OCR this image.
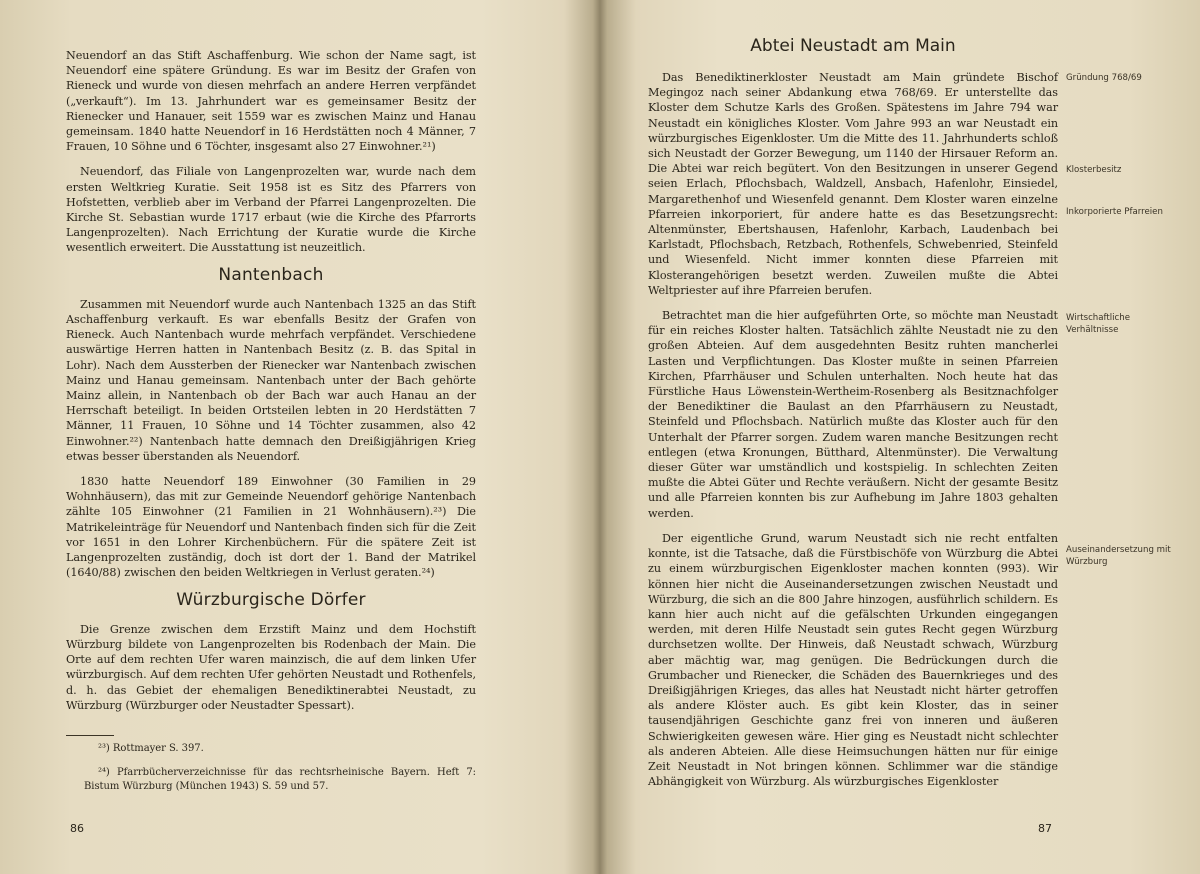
Neuendorf an das Stift Aschaffenburg. Wie schon der Name sagt, ist Neuendorf eine spätere Gründung. Es war im Besitz der Grafen von Rieneck und wurde von diesen mehrfach an andere Herren verpfändet („verkauft“). Im 13. Jahrhundert war es gemeinsamer Besitz der Rienecker und Hanauer, seit 1559 war es zwischen Mainz und Hanau gemeinsam. 1840 hatte Neuendorf in 16 Herdstätten noch 4 Männer, 7 Frauen, 10 Söhne und 6 Töchter, insgesamt also 27 Einwohner.²¹)

Neuendorf, das Filiale von Langenprozelten war, wurde nach dem ersten Weltkrieg Kuratie. Seit 1958 ist es Sitz des Pfarrers von Hofstetten, verblieb aber im Verband der Pfarrei Langenprozelten. Die Kirche St. Sebastian wurde 1717 erbaut (wie die Kirche des Pfarrorts Langenprozelten). Nach Errichtung der Kuratie wurde die Kirche wesentlich erweitert. Die Ausstattung ist neuzeitlich.

Nantenbach

Zusammen mit Neuendorf wurde auch Nantenbach 1325 an das Stift Aschaffenburg verkauft. Es war ebenfalls Besitz der Grafen von Rieneck. Auch Nantenbach wurde mehrfach verpfändet. Verschiedene auswärtige Herren hatten in Nantenbach Besitz (z. B. das Spital in Lohr). Nach dem Aussterben der Rienecker war Nantenbach zwischen Mainz und Hanau gemeinsam. Nantenbach unter der Bach gehörte Mainz allein, in Nantenbach ob der Bach war auch Hanau an der Herrschaft beteiligt. In beiden Ortsteilen lebten in 20 Herdstätten 7 Männer, 11 Frauen, 10 Söhne und 14 Töchter zusammen, also 42 Einwohner.²²) Nantenbach hatte demnach den Dreißigjährigen Krieg etwas besser überstanden als Neuendorf.

1830 hatte Neuendorf 189 Einwohner (30 Familien in 29 Wohnhäusern), das mit zur Gemeinde Neuendorf gehörige Nantenbach zählte 105 Einwohner (21 Familien in 21 Wohnhäusern).²³) Die Matrikeleinträge für Neuendorf und Nantenbach finden sich für die Zeit vor 1651 in den Lohrer Kirchenbüchern. Für die spätere Zeit ist Langenprozelten zuständig, doch ist dort der 1. Band der Matrikel (1640/88) zwischen den beiden Weltkriegen in Verlust geraten.²⁴)

Würzburgische Dörfer

Die Grenze zwischen dem Erzstift Mainz und dem Hochstift Würzburg bildete von Langenprozelten bis Rodenbach der Main. Die Orte auf dem rechten Ufer waren mainzisch, die auf dem linken Ufer würzburgisch. Auf dem rechten Ufer gehörten Neustadt und Rothenfels, d. h. das Gebiet der ehemaligen Benediktinerabtei Neustadt, zu Würzburg (Würzburger oder Neustadter Spessart).

²³) Rottmayer S. 397.

²⁴) Pfarrbücherverzeichnisse für das rechtsrheinische Bayern. Heft 7: Bistum Würzburg (München 1943) S. 59 und 57.

86
Abtei Neustadt am Main

Das Benediktinerkloster Neustadt am Main gründete Bischof Megingoz nach seiner Abdankung etwa 768/69. Er unterstellte das Kloster dem Schutze Karls des Großen. Spätestens im Jahre 794 war Neustadt ein königliches Kloster. Vom Jahre 993 an war Neustadt ein würzburgisches Eigenkloster. Um die Mitte des 11. Jahrhunderts schloß sich Neustadt der Gorzer Bewegung, um 1140 der Hirsauer Reform an. Die Abtei war reich begütert. Von den Besitzungen in unserer Gegend seien Erlach, Pflochsbach, Waldzell, Ansbach, Hafenlohr, Einsiedel, Margarethenhof und Wiesenfeld genannt. Dem Kloster waren einzelne Pfarreien inkorporiert, für andere hatte es das Besetzungsrecht: Altenmünster, Ebertshausen, Hafenlohr, Karbach, Laudenbach bei Karlstadt, Pflochsbach, Retzbach, Rothenfels, Schwebenried, Steinfeld und Wiesenfeld. Nicht immer konnten diese Pfarreien mit Klosterangehörigen besetzt werden. Zuweilen mußte die Abtei Weltpriester auf ihre Pfarreien berufen.

Betrachtet man die hier aufgeführten Orte, so möchte man Neustadt für ein reiches Kloster halten. Tatsächlich zählte Neustadt nie zu den großen Abteien. Auf dem ausgedehnten Besitz ruhten mancherlei Lasten und Verpflichtungen. Das Kloster mußte in seinen Pfarreien Kirchen, Pfarrhäuser und Schulen unterhalten. Noch heute hat das Fürstliche Haus Löwenstein-Wertheim-Rosenberg als Besitznachfolger der Benediktiner die Baulast an den Pfarrhäusern zu Neustadt, Steinfeld und Pflochsbach. Natürlich mußte das Kloster auch für den Unterhalt der Pfarrer sorgen. Zudem waren manche Besitzungen recht entlegen (etwa Kronungen, Bütthard, Altenmünster). Die Verwaltung dieser Güter war umständlich und kostspielig. In schlechten Zeiten mußte die Abtei Güter und Rechte veräußern. Nicht der gesamte Besitz und alle Pfarreien konnten bis zur Aufhebung im Jahre 1803 gehalten werden.

Der eigentliche Grund, warum Neustadt sich nie recht entfalten konnte, ist die Tatsache, daß die Fürstbischöfe von Würzburg die Abtei zu einem würzburgischen Eigenkloster machen konnten (993). Wir können hier nicht die Auseinandersetzungen zwischen Neustadt und Würzburg, die sich an die 800 Jahre hinzogen, ausführlich schildern. Es kann hier auch nicht auf die gefälschten Urkunden eingegangen werden, mit deren Hilfe Neustadt sein gutes Recht gegen Würzburg durchsetzen wollte. Der Hinweis, daß Neustadt schwach, Würzburg aber mächtig war, mag genügen. Die Bedrückungen durch die Grumbacher und Rienecker, die Schäden des Bauernkrieges und des Dreißigjährigen Krieges, das alles hat Neustadt nicht härter getroffen als andere Klöster auch. Es gibt kein Kloster, das in seiner tausendjährigen Geschichte ganz frei von inneren und äußeren Schwierigkeiten gewesen wäre. Hier ging es Neustadt nicht schlechter als anderen Abteien. Alle diese Heimsuchungen hätten nur für einige Zeit Neustadt in Not bringen können. Schlimmer war die ständige Abhängigkeit von Würzburg. Als würzburgisches Eigenkloster

Gründung 768/69
Klosterbesitz
Inkorporierte Pfarreien
Wirtschaftliche Verhältnisse
Auseinandersetzung mit Würzburg
87
